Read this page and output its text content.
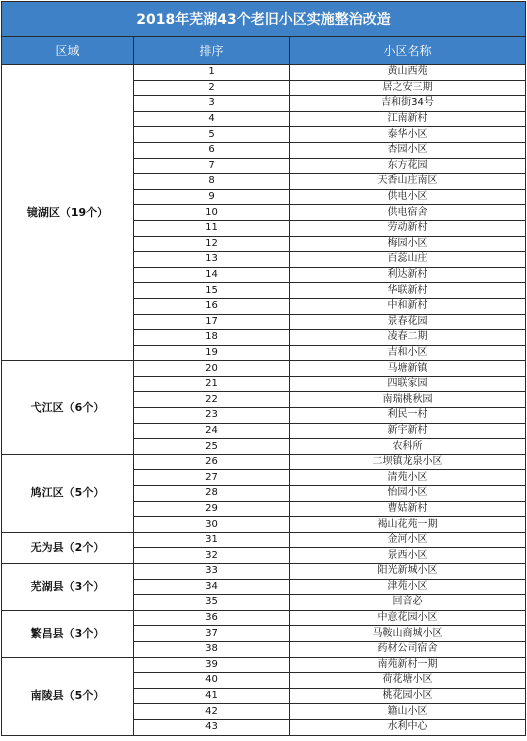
2018年芜湖43个老旧小区实施整治改造		
区域	排序	小区名称
镜湖区（19个）	1	黄山西苑
	2	居之安三期
	3	吉和街34号
	4	江南新村
	5	泰华小区
	6	杏园小区
	7	东方花园
	8	天香山庄南区
	9	供电小区
	10	供电宿舍
	11	劳动新村
	12	梅园小区
	13	百蕊山庄
	14	利达新村
	15	华联新村
	16	中和新村
	17	景春花园
	18	凌春二期
	19	吉和小区
弋江区（6个）	20	马塘新镇
	21	四联家园
	22	南瑞桃秋园
	23	利民一村
	24	新宇新村
	25	农科所
鸠江区（5个）	26	二坝镇龙泉小区
	27	清苑小区
	28	怡园小区
	29	曹姑新村
	30	褐山花苑一期
无为县（2个）	31	金河小区
	32	景西小区
芜湖县（3个）	33	阳光新城小区
	34	津苑小区
	35	回音必
繁昌县（3个）	36	中意花园小区
	37	马鞍山商城小区
	38	药材公司宿舍
南陵县（5个）	39	南苑新村一期
	40	荷花塘小区
	41	桃花园小区
	42	籍山小区
	43	水利中心
